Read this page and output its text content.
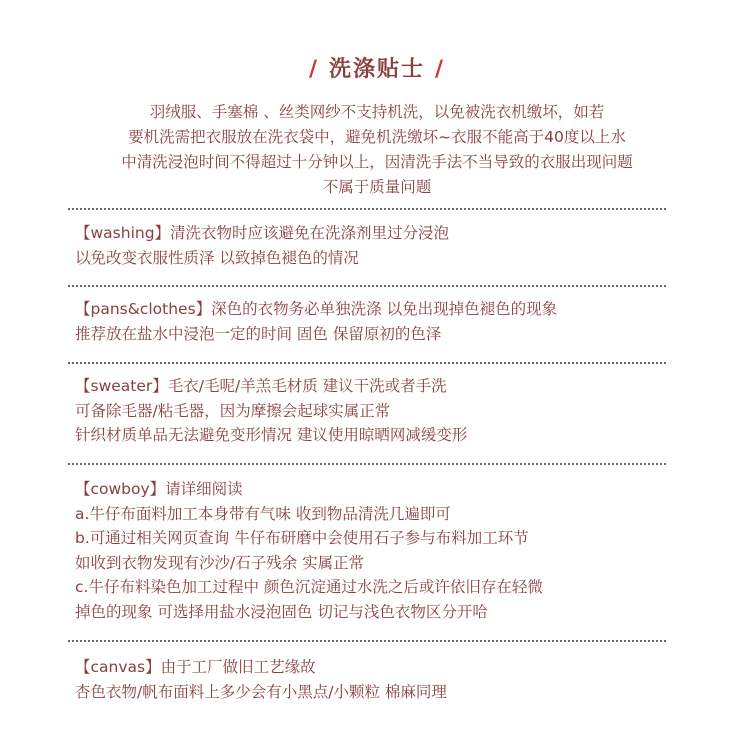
/ 洗涤贴士 /
羽绒服、手塞棉 、丝类网纱不支持机洗，以免被洗衣机缴坏，如若
要机洗需把衣服放在洗衣袋中，避免机洗缴坏~衣服不能高于40度以上水
中清洗浸泡时间不得超过十分钟以上，因清洗手法不当导致的衣服出现问题
不属于质量问题
【washing】清洗衣物时应该避免在洗涤剂里过分浸泡
以免改变衣服性质泽 以致掉色褪色的情况
【pans&clothes】深色的衣物务必单独洗涤 以免出现掉色褪色的现象
推荐放在盐水中浸泡一定的时间 固色 保留原初的色泽
【sweater】毛衣/毛呢/羊羔毛材质 建议干洗或者手洗
可备除毛器/粘毛器，因为摩擦会起球实属正常
针织材质单品无法避免变形情况 建议使用晾晒网减缓变形
【cowboy】请详细阅读
a.牛仔布面料加工本身带有气味 收到物品清洗几遍即可
b.可通过相关网页查询 牛仔布研磨中会使用石子参与布料加工环节
如收到衣物发现有沙沙/石子残余 实属正常
c.牛仔布料染色加工过程中 颜色沉淀通过水洗之后或许依旧存在轻微
掉色的现象 可选择用盐水浸泡固色 切记与浅色衣物区分开哈
【canvas】由于工厂做旧工艺缘故
杏色衣物/帆布面料上多少会有小黑点/小颗粒 棉麻同理
